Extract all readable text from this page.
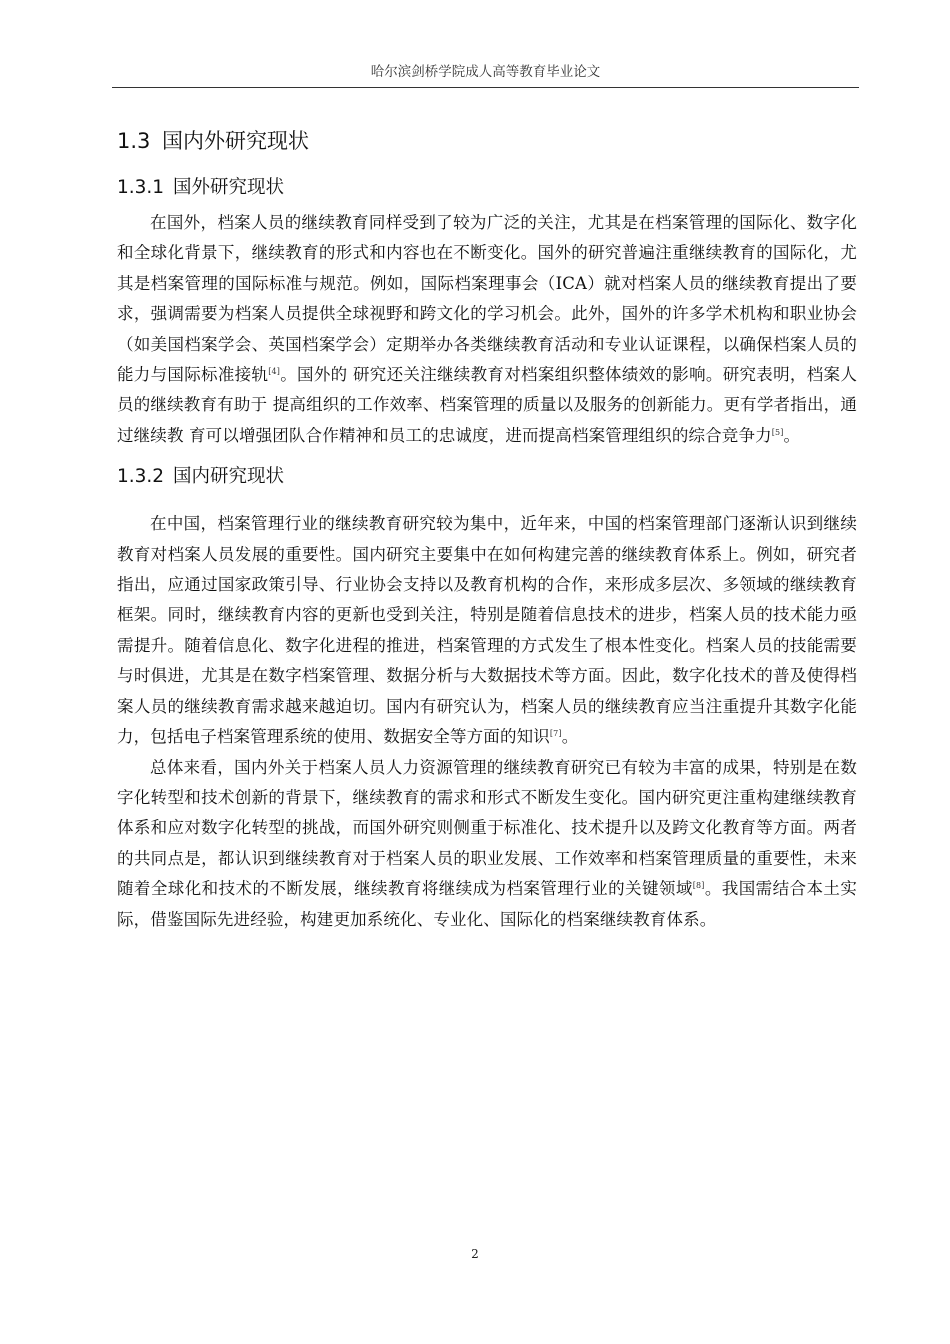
哈尔滨剑桥学院成人高等教育毕业论文
1.3 国内外研究现状
1.3.1 国外研究现状

在国外，档案人员的继续教育同样受到了较为广泛的关注，尤其是在档案管理的国际化、数字化和全球化背景下，继续教育的形式和内容也在不断变化。国外的研究普遍注重继续教育的国际化，尤其是档案管理的国际标准与规范。例如，国际档案理事会（ICA）就对档案人员的继续教育提出了要求，强调需要为档案人员提供全球视野和跨文化的学习机会。此外，国外的许多学术机构和职业协会（如美国档案学会、英国档案学会）定期举办各类继续教育活动和专业认证课程，以确保档案人员的能力与国际标准接轨[4]。国外的 研究还关注继续教育对档案组织整体绩效的影响。研究表明，档案人员的继续教育有助于 提高组织的工作效率、档案管理的质量以及服务的创新能力。更有学者指出，通过继续教 育可以增强团队合作精神和员工的忠诚度，进而提高档案管理组织的综合竞争力[5]。

1.3.2 国内研究现状

在中国，档案管理行业的继续教育研究较为集中，近年来，中国的档案管理部门逐渐认识到继续教育对档案人员发展的重要性。国内研究主要集中在如何构建完善的继续教育体系上。例如，研究者指出，应通过国家政策引导、行业协会支持以及教育机构的合作，来形成多层次、多领域的继续教育框架。同时，继续教育内容的更新也受到关注，特别是随着信息技术的进步，档案人员的技术能力亟需提升。随着信息化、数字化进程的推进，档案管理的方式发生了根本性变化。档案人员的技能需要与时俱进，尤其是在数字档案管理、数据分析与大数据技术等方面。因此，数字化技术的普及使得档案人员的继续教育需求越来越迫切。国内有研究认为，档案人员的继续教育应当注重提升其数字化能力，包括电子档案管理系统的使用、数据安全等方面的知识[7]。

总体来看，国内外关于档案人员人力资源管理的继续教育研究已有较为丰富的成果，特别是在数字化转型和技术创新的背景下，继续教育的需求和形式不断发生变化。国内研究更注重构建继续教育体系和应对数字化转型的挑战，而国外研究则侧重于标准化、技术提升以及跨文化教育等方面。两者的共同点是，都认识到继续教育对于档案人员的职业发展、工作效率和档案管理质量的重要性，未来随着全球化和技术的不断发展，继续教育将继续成为档案管理行业的关键领域[8]。我国需结合本土实际，借鉴国际先进经验，构建更加系统化、专业化、国际化的档案继续教育体系。

2
